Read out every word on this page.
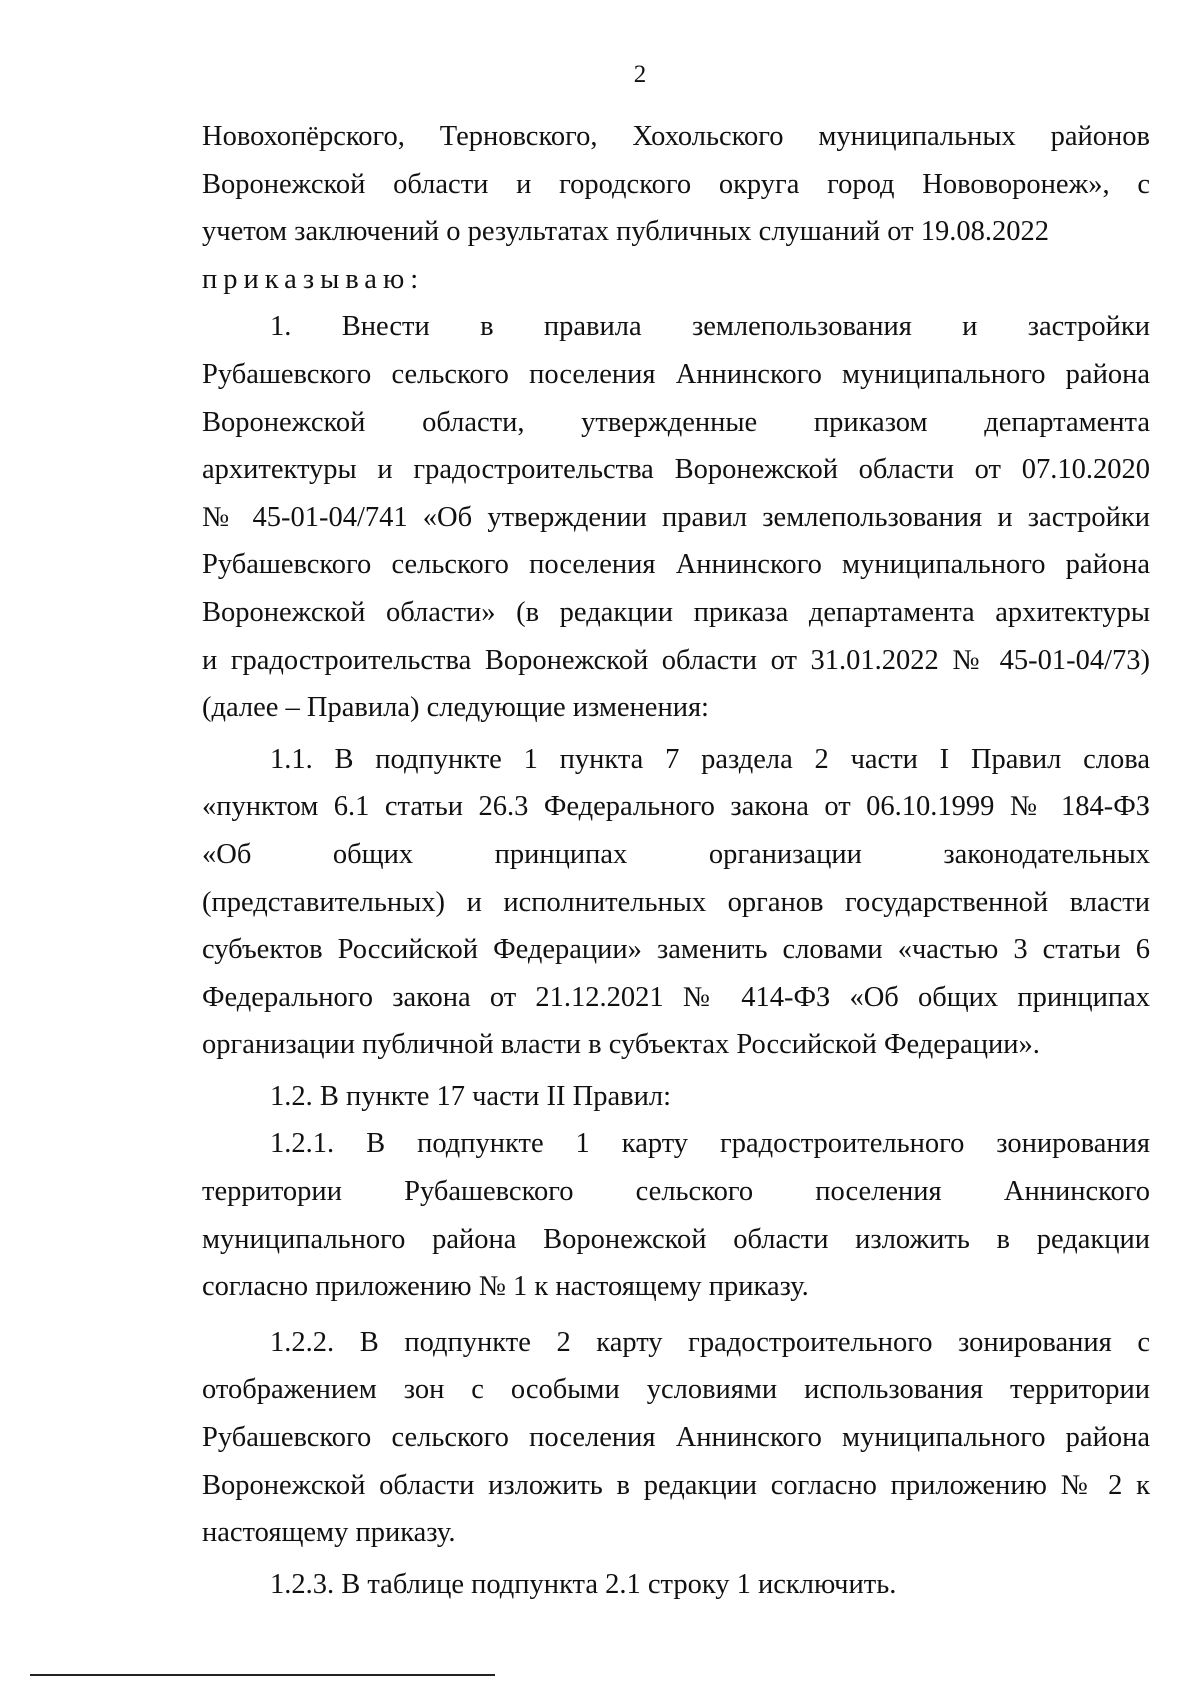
2
Новохопёрского, Терновского, Хохольского муниципальных районов
Воронежской области и городского округа город Нововоронеж», с
учетом заключений о результатах публичных слушаний от 19.08.2022
приказываю:
1. Внести в правила землепользования и застройки
Рубашевского сельского поселения Аннинского муниципального района
Воронежской области, утвержденные приказом департамента
архитектуры и градостроительства Воронежской области от 07.10.2020
№ 45-01-04/741 «Об утверждении правил землепользования и застройки
Рубашевского сельского поселения Аннинского муниципального района
Воронежской области» (в редакции приказа департамента архитектуры
и градостроительства Воронежской области от 31.01.2022 № 45-01-04/73)
(далее – Правила) следующие изменения:
1.1. В подпункте 1 пункта 7 раздела 2 части I Правил слова
«пунктом 6.1 статьи 26.3 Федерального закона от 06.10.1999 № 184-ФЗ
«Об общих принципах организации законодательных
(представительных) и исполнительных органов государственной власти
субъектов Российской Федерации» заменить словами «частью 3 статьи 6
Федерального закона от 21.12.2021 № 414-ФЗ «Об общих принципах
организации публичной власти в субъектах Российской Федерации».
1.2. В пункте 17 части II Правил:
1.2.1. В подпункте 1 карту градостроительного зонирования
территории Рубашевского сельского поселения Аннинского
муниципального района Воронежской области изложить в редакции
согласно приложению № 1 к настоящему приказу.
1.2.2. В подпункте 2 карту градостроительного зонирования с
отображением зон с особыми условиями использования территории
Рубашевского сельского поселения Аннинского муниципального района
Воронежской области изложить в редакции согласно приложению № 2 к
настоящему приказу.
1.2.3. В таблице подпункта 2.1 строку 1 исключить.
